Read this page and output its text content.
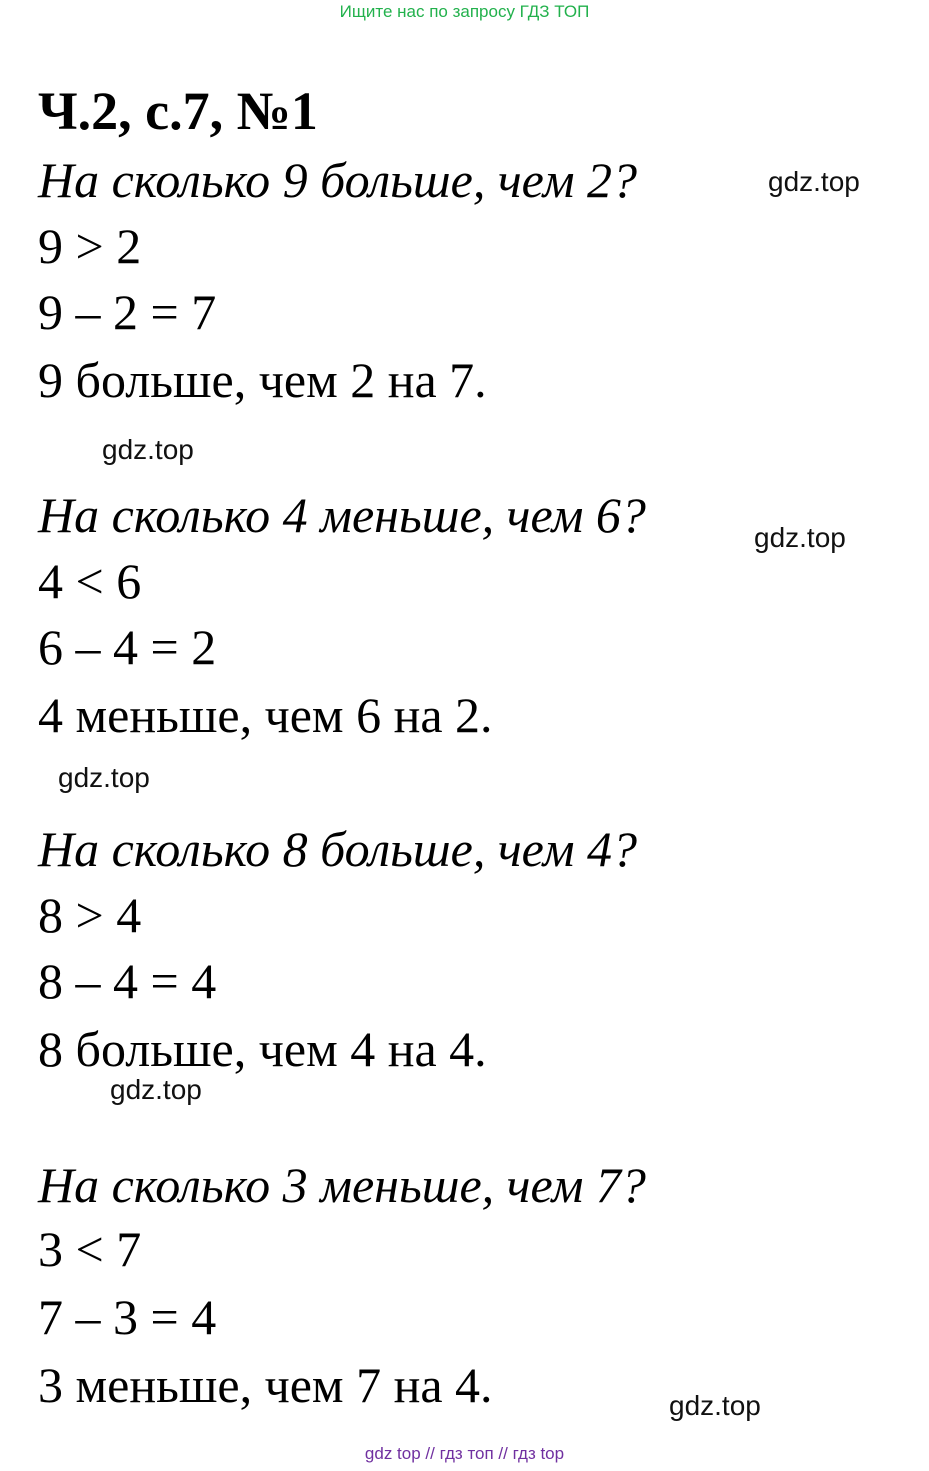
Ищите нас по запросу ГДЗ ТОП
Ч.2, с.7, №1
На сколько 9 больше, чем 2?
9 > 2
9 – 2 = 7
9 больше, чем 2 на 7.
На сколько 4 меньше, чем 6?
4 < 6
6 – 4 = 2
4 меньше, чем 6 на 2.
На сколько 8 больше, чем 4?
8 > 4
8 – 4 = 4
8 больше, чем 4 на 4.
На сколько 3 меньше, чем 7?
3 < 7
7 – 3 = 4
3 меньше, чем 7 на 4.
gdz.top
gdz.top
gdz.top
gdz.top
gdz.top
gdz.top
gdz top // гдз топ // гдз top
